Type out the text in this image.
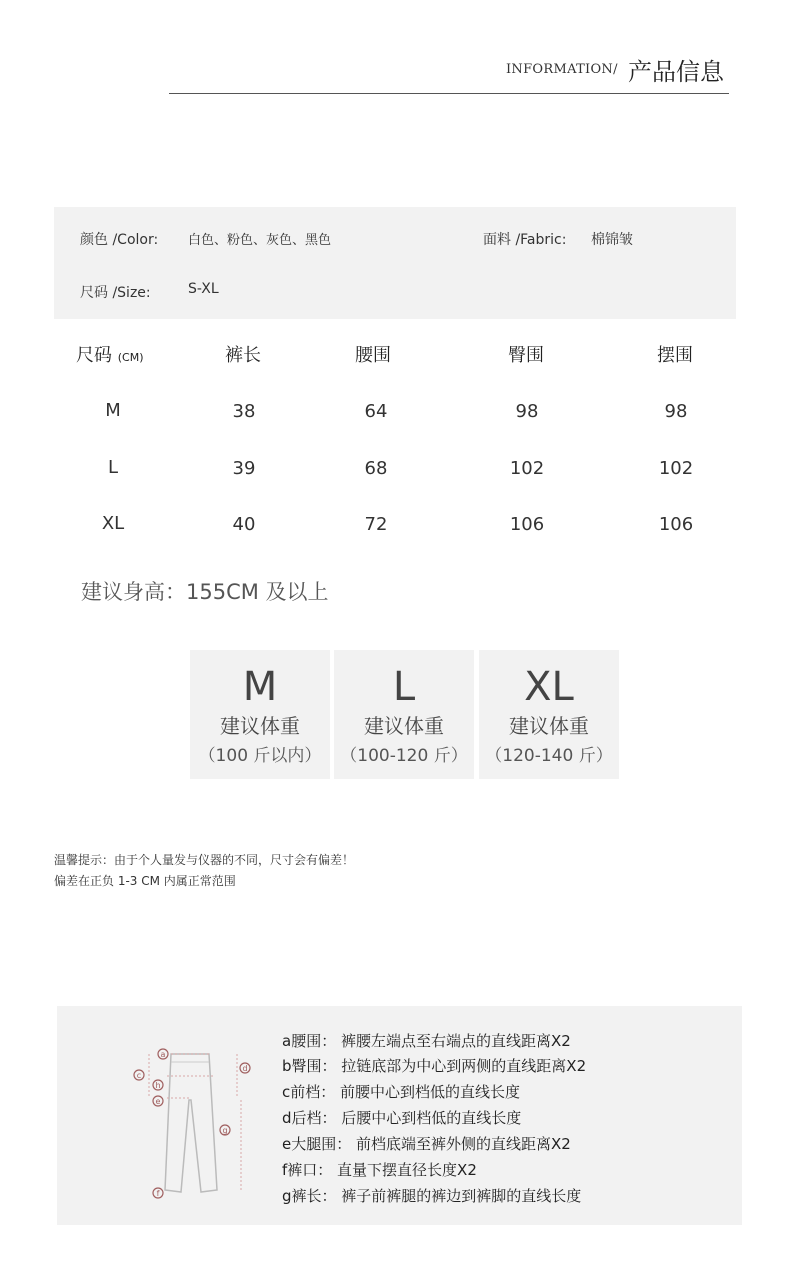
INFORMATION/ 产品信息
颜色 /Color: 白色、粉色、灰色、黑色	面料 /Fabric: 棉锦皱
尺码 /Size:	S-XL
尺码 (CM)	裤长	腰围	臀围	摆围
M	38	64	98	98
L	39	68	102	102
XL	40	72	106	106
建议身高：155CM 及以上
M
建议体重
（100 斤以内）
L
建议体重
（100-120 斤）
XL
建议体重
（120-140 斤）
温馨提示：由于个人量发与仪器的不同，尺寸会有偏差！
偏差在正负 1-3 CM 内属正常范围
a
c
h
e
d
g
f
a腰围： 裤腰左端点至右端点的直线距离X2
b臀围： 拉链底部为中心到两侧的直线距离X2
c前档： 前腰中心到档低的直线长度
d后档： 后腰中心到档低的直线长度
e大腿围： 前档底端至裤外侧的直线距离X2
f裤口： 直量下摆直径长度X2
g裤长： 裤子前裤腿的裤边到裤脚的直线长度
